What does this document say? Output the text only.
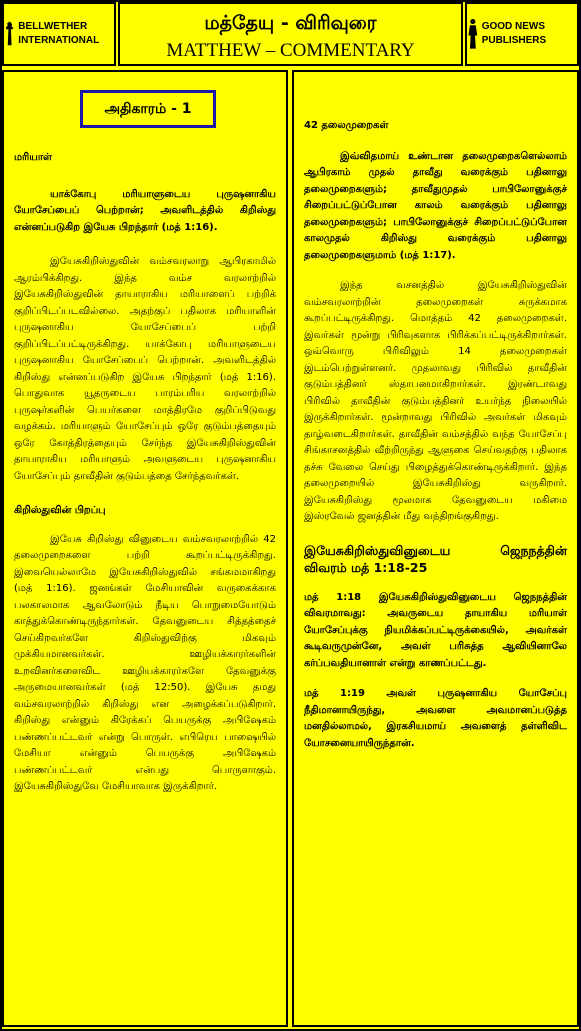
BELLWETHER INTERNATIONAL
மத்தேயு - விரிவுரை
MATTHEW – COMMENTARY
GOOD NEWS PUBLISHERS
அதிகாரம் - 1

மரியாள்

யாக்கோபு மரியாளுடைய புருஷனாகிய யோசேப்பைப் பெற்றான்; அவளிடத்தில் கிறிஸ்து என்னப்படுகிற இயேசு பிறந்தார் (மத் 1:16).

இயேசுகிறிஸ்துவின் வம்சவரலாறு ஆபிரகாமில் ஆரம்பிக்கிறது. இந்த வம்ச வரலாற்றில் இயேசுகிறிஸ்துவின் தாயாராகிய மரியாளைப் பற்றிக் குறிப்பிடப்படவில்லை. அதற்குப் பதிலாக மரியாளின் புருஷனாகிய யோசேப்பைப் பற்றி குறிப்பிடப்பட்டிருக்கிறது. யாக்கோபு மரியாளுடைய புருஷனாகிய யோசேப்பைப் பெற்றான். அவளிடத்தில் கிறிஸ்து என்னப்படுகிற இயேசு பிறந்தார் (மத் 1:16). பொதுவாக யூதருடைய பாரம்பரிய வரலாற்றில் புருஷர்களின் பெயர்களை மாத்திரமே குறிப்பிடுவது வழக்கம். மரியாளும் யோசேப்பும் ஒரே குடும்பத்தையும் ஒரே கோத்திரத்தையும் சேர்ந்த இயேசுகிறிஸ்துவின் தாயாராகிய மரியாளும் அவளுடைய புருஷனாகிய யோசேப்பும் தாவீதின் குடும்பத்தை சேர்ந்தவர்கள்.

கிறிஸ்துவின் பிறப்பு

இயேசு கிறிஸ்து வினுடைய வம்சவரலாற்றில் 42 தலைமுறைகளை பற்றி கூறப்பட்டிருக்கிறது. இவையெல்லாமே இயேசுகிறிஸ்துவில் சங்கமமாகிறது (மத் 1:16). ஜனங்கள் மேசியாவின் வருகைக்காக பலகாலமாக ஆவலோடும் நீடிய பொறுமையோடும் காத்துக்கொண்டிருந்தார்கள். தேவனுடைய சித்தத்தைச் செய்கிறவர்களே கிறிஸ்துவிற்கு மிகவும் முக்கியமானவர்கள். ஊழியக்காரர்களின் உறவினர்களைவிட ஊழியக்காரர்களே தேவனுக்கு அருமையானவர்கள் (மத் 12:50). இயேசு தமது வம்சவரலாற்றில் கிறிஸ்து என அழைக்கப்படுகிறார். கிறிஸ்து என்னும் கிரேக்கப் பெயருக்கு அபிஷேகம் பண்ணப்பட்டவர் என்று பொருள். எபிரெய பாஷையில் மேசியா என்னும் பெயருக்கு அபிஷேகம் பண்ணப்பட்டவர் என்பது பொருளாகும். இயேசுகிறிஸ்துவே மேசியாவாக இருக்கிறார்.

42 தலைமுறைகள்

இவ்விதமாய் உண்டான தலைமுறைகளெல்லாம் ஆபிரகாம் முதல் தாவீது வரைக்கும் பதினாலு தலைமுறைகளும்; தாவீதுமுதல் பாபிலோனுக்குச் சிறைப்பட்டுப்போன காலம் வரைக்கும் பதினாலு தலைமுறைகளும்; பாபிலோனுக்குச் சிறைப்பட்டுப்போன காலமுதல் கிறிஸ்து வரைக்கும் பதினாலு தலைமுறைகளுமாம் (மத் 1:17).

இந்த வசனத்தில் இயேசுகிறிஸ்துவின் வம்சவரலாற்றின் தலைமுறைகள் சுருக்கமாக கூறப்பட்டிருக்கிறது. மொத்தம் 42 தலைமுறைகள். இவர்கள் மூன்று பிரிவுகளாக பிரிக்கப்பட்டிருக்கிறார்கள். ஒவ்வொரு பிரிவிலும் 14 தலைமுறைகள் இடம்பெற்றுள்ளனர். முதலாவது பிரிவில் தாவீதின் குடும்பத்தினர் ஸ்தாபனமாகிறார்கள். இரண்டாவது பிரிவில் தாவீதின் குடும்பத்தினர் உயர்ந்த நிலையில் இருக்கிறார்கள். மூன்றாவது பிரிவில் அவர்கள் மிகவும் தாழ்வடைகிறார்கள். தாவீதின் வம்சத்தில் வந்த யோசேப்பு சிங்காசனத்தில் வீற்றிருந்து ஆளுகை செய்வதற்கு பதிலாக தச்சு வேலை செய்து பிழைத்துக்கொண்டிருக்கிறார். இந்த தலைமுறையில் இயேசுகிறிஸ்து வருகிறார். இயேசுகிறிஸ்து மூலமாக தேவனுடைய மகிமை இஸ்ரவேல் ஜனத்தின் மீது வந்திறங்குகிறது.

இயேசுகிறிஸ்துவினுடைய ஜெநநத்தின் விவரம் மத் 1:18-25

மத் 1:18 இயேசுகிறிஸ்துவினுடைய ஜெநநத்தின் விவரமாவது: அவருடைய தாயாகிய மரியாள் யோசேப்புக்கு நியமிக்கப்பட்டிருக்கையில், அவர்கள் கூடிவருமுன்னே, அவள் பரிசுத்த ஆவியினாலே கர்ப்பவதியானாள் என்று காணப்பட்டது.

மத் 1:19 அவள் புருஷனாகிய யோசேப்பு நீதிமானாயிருந்து, அவளை அவமானப்படுத்த மனதில்லாமல், இரகசியமாய் அவளைத் தள்ளிவிட யோசனையாயிருந்தான்.
